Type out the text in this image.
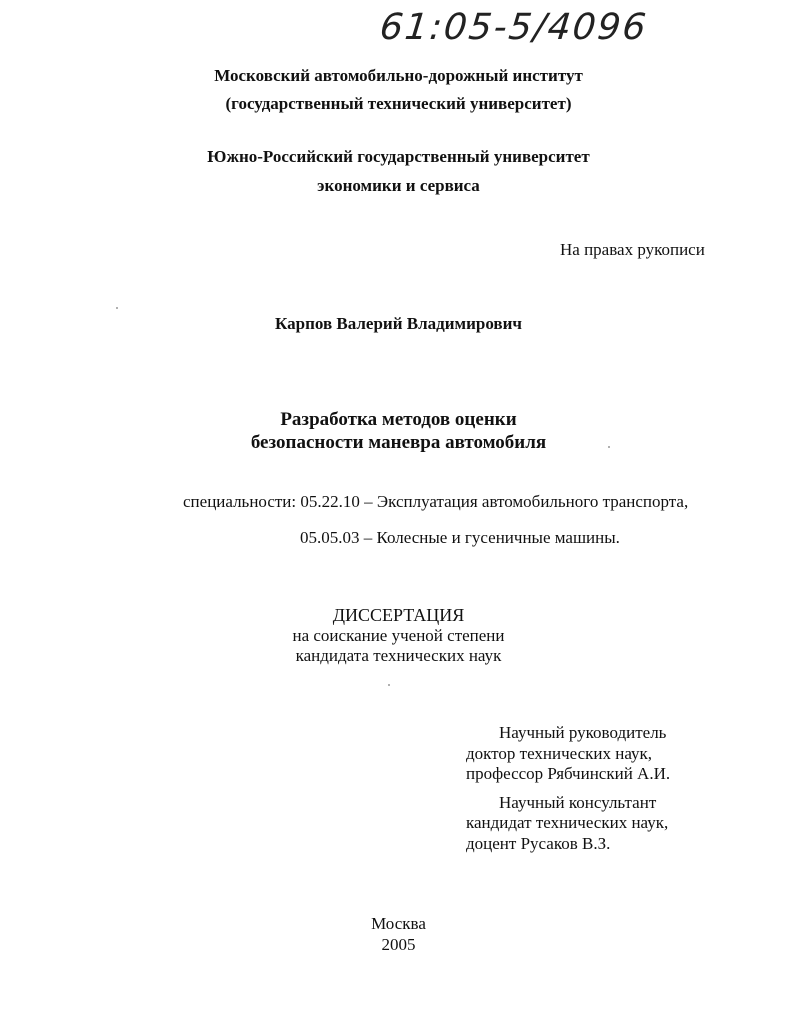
61:05-5/4096
Московский автомобильно-дорожный институт
(государственный технический университет)
Южно-Российский государственный университет
экономики и сервиса
На правах рукописи
Карпов Валерий Владимирович
Разработка методов оценки
безопасности маневра автомобиля
специальности: 05.22.10 – Эксплуатация автомобильного транспорта,
05.05.03 – Колесные и гусеничные машины.
ДИССЕРТАЦИЯ
на соискание ученой степени
кандидата технических наук
Научный руководитель
доктор технических наук,
профессор Рябчинский А.И.
Научный консультант
кандидат технических наук,
доцент Русаков В.З.
Москва
2005
